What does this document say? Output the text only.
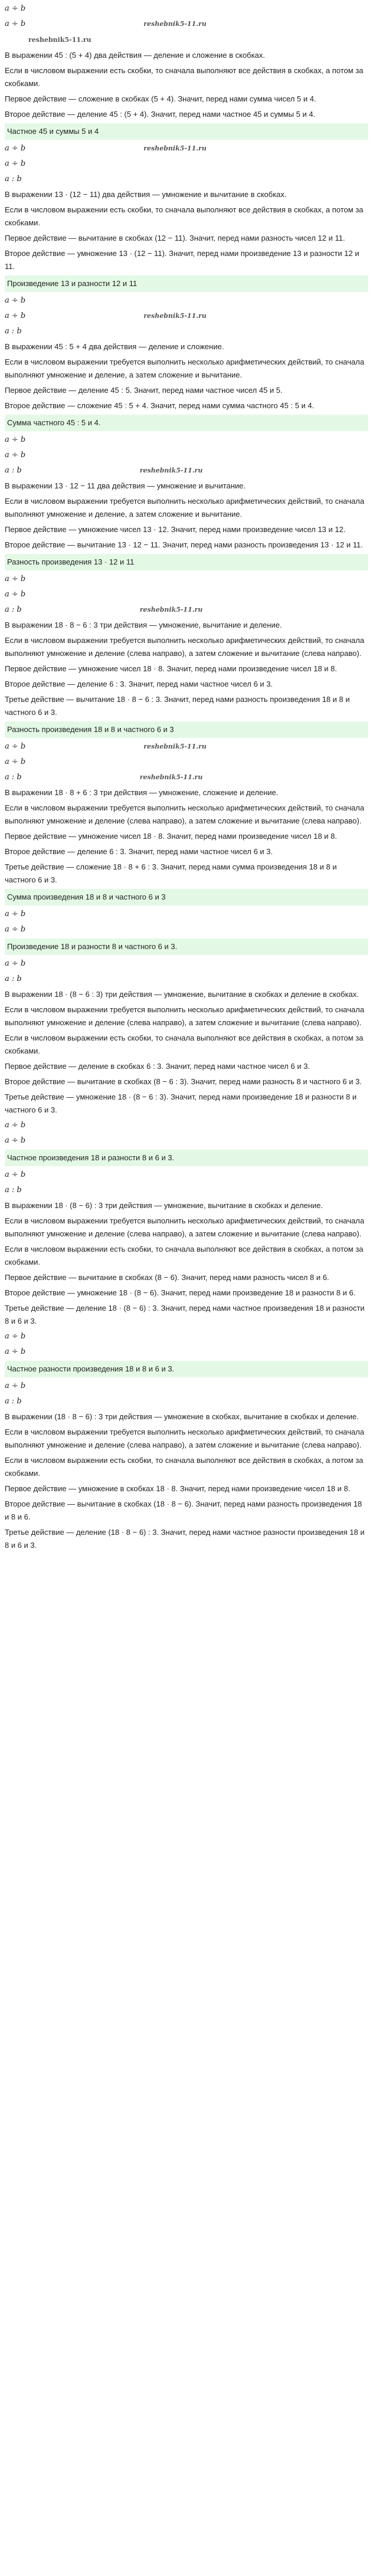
a ÷ b
a ÷ b	reshebnik5-11.ru
reshebnik5-11.ru
В выражении 45 : (5 + 4) два действия — деление и сложение в скобках.
Если в числовом выражении есть скобки, то сначала выполняют все действия в скобках, а потом за скобками.
Первое действие — сложение в скобках (5 + 4). Значит, перед нами сумма чисел 5 и 4.
Второе действие — деление 45 : (5 + 4). Значит, перед нами частное 45 и суммы 5 и 4.
Частное 45 и суммы 5 и 4
a ÷ b	reshebnik5-11.ru
a ÷ b
a : b
В выражении 13 · (12 − 11) два действия — умножение и вычитание в скобках.
Если в числовом выражении есть скобки, то сначала выполняют все действия в скобках, а потом за скобками.
Первое действие — вычитание в скобках (12 − 11). Значит, перед нами разность чисел 12 и 11.
Второе действие — умножение 13 · (12 − 11). Значит, перед нами произведение 13 и разности 12 и 11.
Произведение 13 и разности 12 и 11
a ÷ b
a ÷ b	reshebnik5-11.ru
a : b
В выражении 45 : 5 + 4 два действия — деление и сложение.
Если в числовом выражении требуется выполнить несколько арифметических действий, то сначала выполняют умножение и деление, а затем сложение и вычитание.
Первое действие — деление 45 : 5. Значит, перед нами частное чисел 45 и 5.
Второе действие — сложение 45 : 5 + 4. Значит, перед нами сумма частного 45 : 5 и 4.
Сумма частного 45 : 5 и 4.
a ÷ b
a ÷ b
a : b	reshebnik5-11.ru
В выражении 13 · 12 − 11 два действия — умножение и вычитание.
Если в числовом выражении требуется выполнить несколько арифметических действий, то сначала выполняют умножение и деление, а затем сложение и вычитание.
Первое действие — умножение чисел 13 · 12. Значит, перед нами произведение чисел 13 и 12.
Второе действие — вычитание 13 · 12 − 11. Значит, перед нами разность произведения 13 · 12 и 11.
Разность произведения 13 · 12 и 11
a ÷ b
a ÷ b
a : b	reshebnik5-11.ru
В выражении 18 · 8 − 6 : 3 три действия — умножение, вычитание и деление.
Если в числовом выражении требуется выполнить несколько арифметических действий, то сначала выполняют умножение и деление (слева направо), а затем сложение и вычитание (слева направо).
Первое действие — умножение чисел 18 · 8. Значит, перед нами произведение чисел 18 и 8.
Второе действие — деление 6 : 3. Значит, перед нами частное чисел 6 и 3.
Третье действие — вычитание 18 · 8 − 6 : 3. Значит, перед нами разность произведения 18 и 8 и частного 6 и 3.
Разность произведения 18 и 8 и частного 6 и 3
a ÷ b	reshebnik5-11.ru
a ÷ b
a : b	reshebnik5-11.ru
В выражении 18 · 8 + 6 : 3 три действия — умножение, сложение и деление.
Если в числовом выражении требуется выполнить несколько арифметических действий, то сначала выполняют умножение и деление (слева направо), а затем сложение и вычитание (слева направо).
Первое действие — умножение чисел 18 · 8. Значит, перед нами произведение чисел 18 и 8.
Второе действие — деление 6 : 3. Значит, перед нами частное чисел 6 и 3.
Третье действие — сложение 18 · 8 + 6 : 3. Значит, перед нами сумма произведения 18 и 8 и частного 6 и 3.
Сумма произведения 18 и 8 и частного 6 и 3
a ÷ b
a ÷ b
Произведение 18 и разности 8 и частного 6 и 3.
a ÷ b
a : b
В выражении 18 · (8 − 6 : 3) три действия — умножение, вычитание в скобках и деление в скобках.
Если в числовом выражении требуется выполнить несколько арифметических действий, то сначала выполняют умножение и деление (слева направо), а затем сложение и вычитание (слева направо).
Если в числовом выражении есть скобки, то сначала выполняют все действия в скобках, а потом за скобками.
Первое действие — деление в скобках 6 : 3. Значит, перед нами частное чисел 6 и 3.
Второе действие — вычитание в скобках (8 − 6 : 3). Значит, перед нами разность 8 и частного 6 и 3.
Третье действие — умножение 18 · (8 − 6 : 3). Значит, перед нами произведение 18 и разности 8 и частного 6 и 3.
a ÷ b
a ÷ b
Частное произведения 18 и разности 8 и 6 и 3.
a ÷ b
a : b
В выражении 18 · (8 − 6) : 3 три действия — умножение, вычитание в скобках и деление.
Если в числовом выражении требуется выполнить несколько арифметических действий, то сначала выполняют умножение и деление (слева направо), а затем сложение и вычитание (слева направо).
Если в числовом выражении есть скобки, то сначала выполняют все действия в скобках, а потом за скобками.
Первое действие — вычитание в скобках (8 − 6). Значит, перед нами разность чисел 8 и 6.
Второе действие — умножение 18 · (8 − 6). Значит, перед нами произведение 18 и разности 8 и 6.
Третье действие — деление 18 · (8 − 6) : 3. Значит, перед нами частное произведения 18 и разности 8 и 6 и 3.
a ÷ b
a ÷ b
Частное разности произведения 18 и 8 и 6 и 3.
a ÷ b
a : b
В выражении (18 · 8 − 6) : 3 три действия — умножение в скобках, вычитание в скобках и деление.
Если в числовом выражении требуется выполнить несколько арифметических действий, то сначала выполняют умножение и деление (слева направо), а затем сложение и вычитание (слева направо).
Если в числовом выражении есть скобки, то сначала выполняют все действия в скобках, а потом за скобками.
Первое действие — умножение в скобках 18 · 8. Значит, перед нами произведение чисел 18 и 8.
Второе действие — вычитание в скобках (18 · 8 − 6). Значит, перед нами разность произведения 18 и 8 и 6.
Третье действие — деление (18 · 8 − 6) : 3. Значит, перед нами частное разности произведения 18 и 8 и 6 и 3.
